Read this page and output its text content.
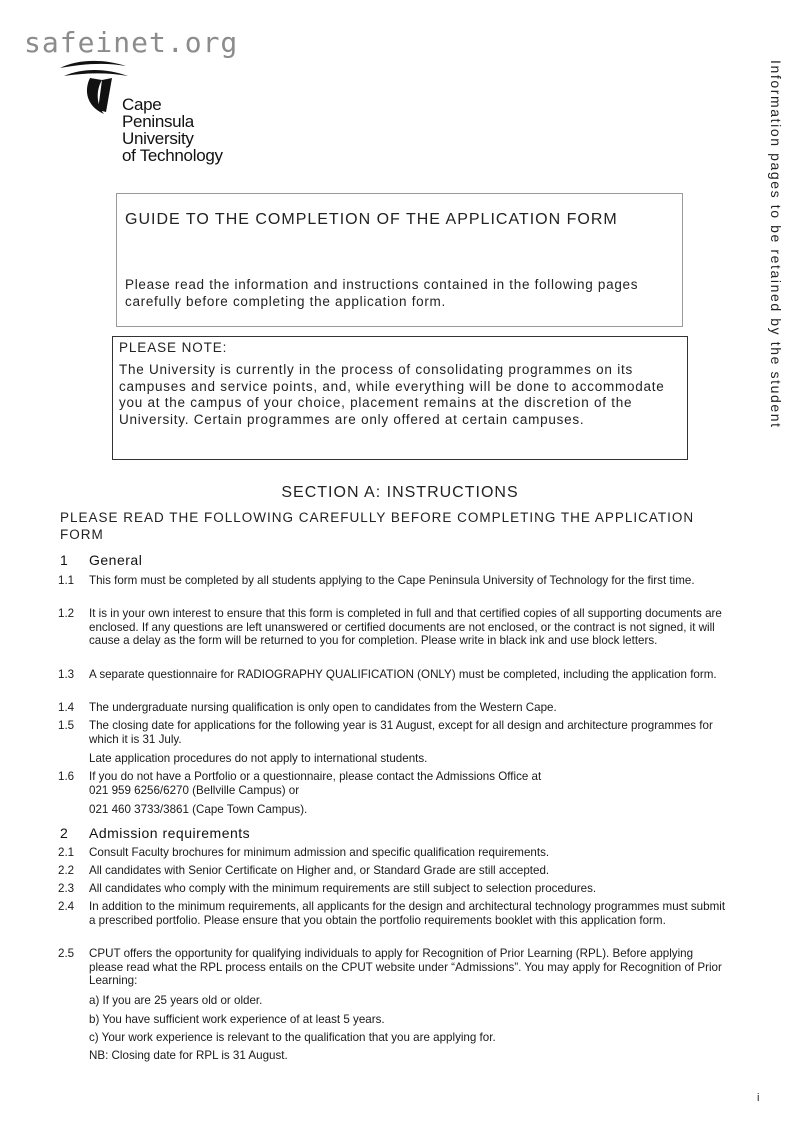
safeinet.org
Cape
Peninsula
University
of Technology	Information pages to be retained by the student
GUIDE TO THE COMPLETION OF THE APPLICATION FORM
Please read the information and instructions contained in the following pages carefully before completing the application form.
PLEASE NOTE:
The University is currently in the process of consolidating programmes on its campuses and service points, and, while everything will be done to accommodate you at the campus of your choice, placement remains at the discretion of the University. Certain programmes are only offered at certain campuses.
SECTION A: INSTRUCTIONS
PLEASE READ THE FOLLOWING CAREFULLY BEFORE COMPLETING THE APPLICATION FORM
1 General
1.1 This form must be completed by all students applying to the Cape Peninsula University of Technology for the first time.
1.2 It is in your own interest to ensure that this form is completed in full and that certified copies of all supporting documents are enclosed. If any questions are left unanswered or certified documents are not enclosed, or the contract is not signed, it will cause a delay as the form will be returned to you for completion. Please write in black ink and use block letters.
1.3 A separate questionnaire for RADIOGRAPHY QUALIFICATION (ONLY) must be completed, including the application form.
1.4 The undergraduate nursing qualification is only open to candidates from the Western Cape.
1.5 The closing date for applications for the following year is 31 August, except for all design and architecture programmes for which it is 31 July.
Late application procedures do not apply to international students.
1.6 If you do not have a Portfolio or a questionnaire, please contact the Admissions Office at
021 959 6256/6270 (Bellville Campus) or
021 460 3733/3861 (Cape Town Campus).
2 Admission requirements
2.1 Consult Faculty brochures for minimum admission and specific qualification requirements.
2.2 All candidates with Senior Certificate on Higher and, or Standard Grade are still accepted.
2.3 All candidates who comply with the minimum requirements are still subject to selection procedures.
2.4 In addition to the minimum requirements, all applicants for the design and architectural technology programmes must submit a prescribed portfolio. Please ensure that you obtain the portfolio requirements booklet with this application form.
2.5 CPUT offers the opportunity for qualifying individuals to apply for Recognition of Prior Learning (RPL). Before applying please read what the RPL process entails on the CPUT website under “Admissions”. You may apply for Recognition of Prior Learning:
a) If you are 25 years old or older.
b) You have sufficient work experience of at least 5 years.
c) Your work experience is relevant to the qualification that you are applying for.
NB: Closing date for RPL is 31 August.
i
